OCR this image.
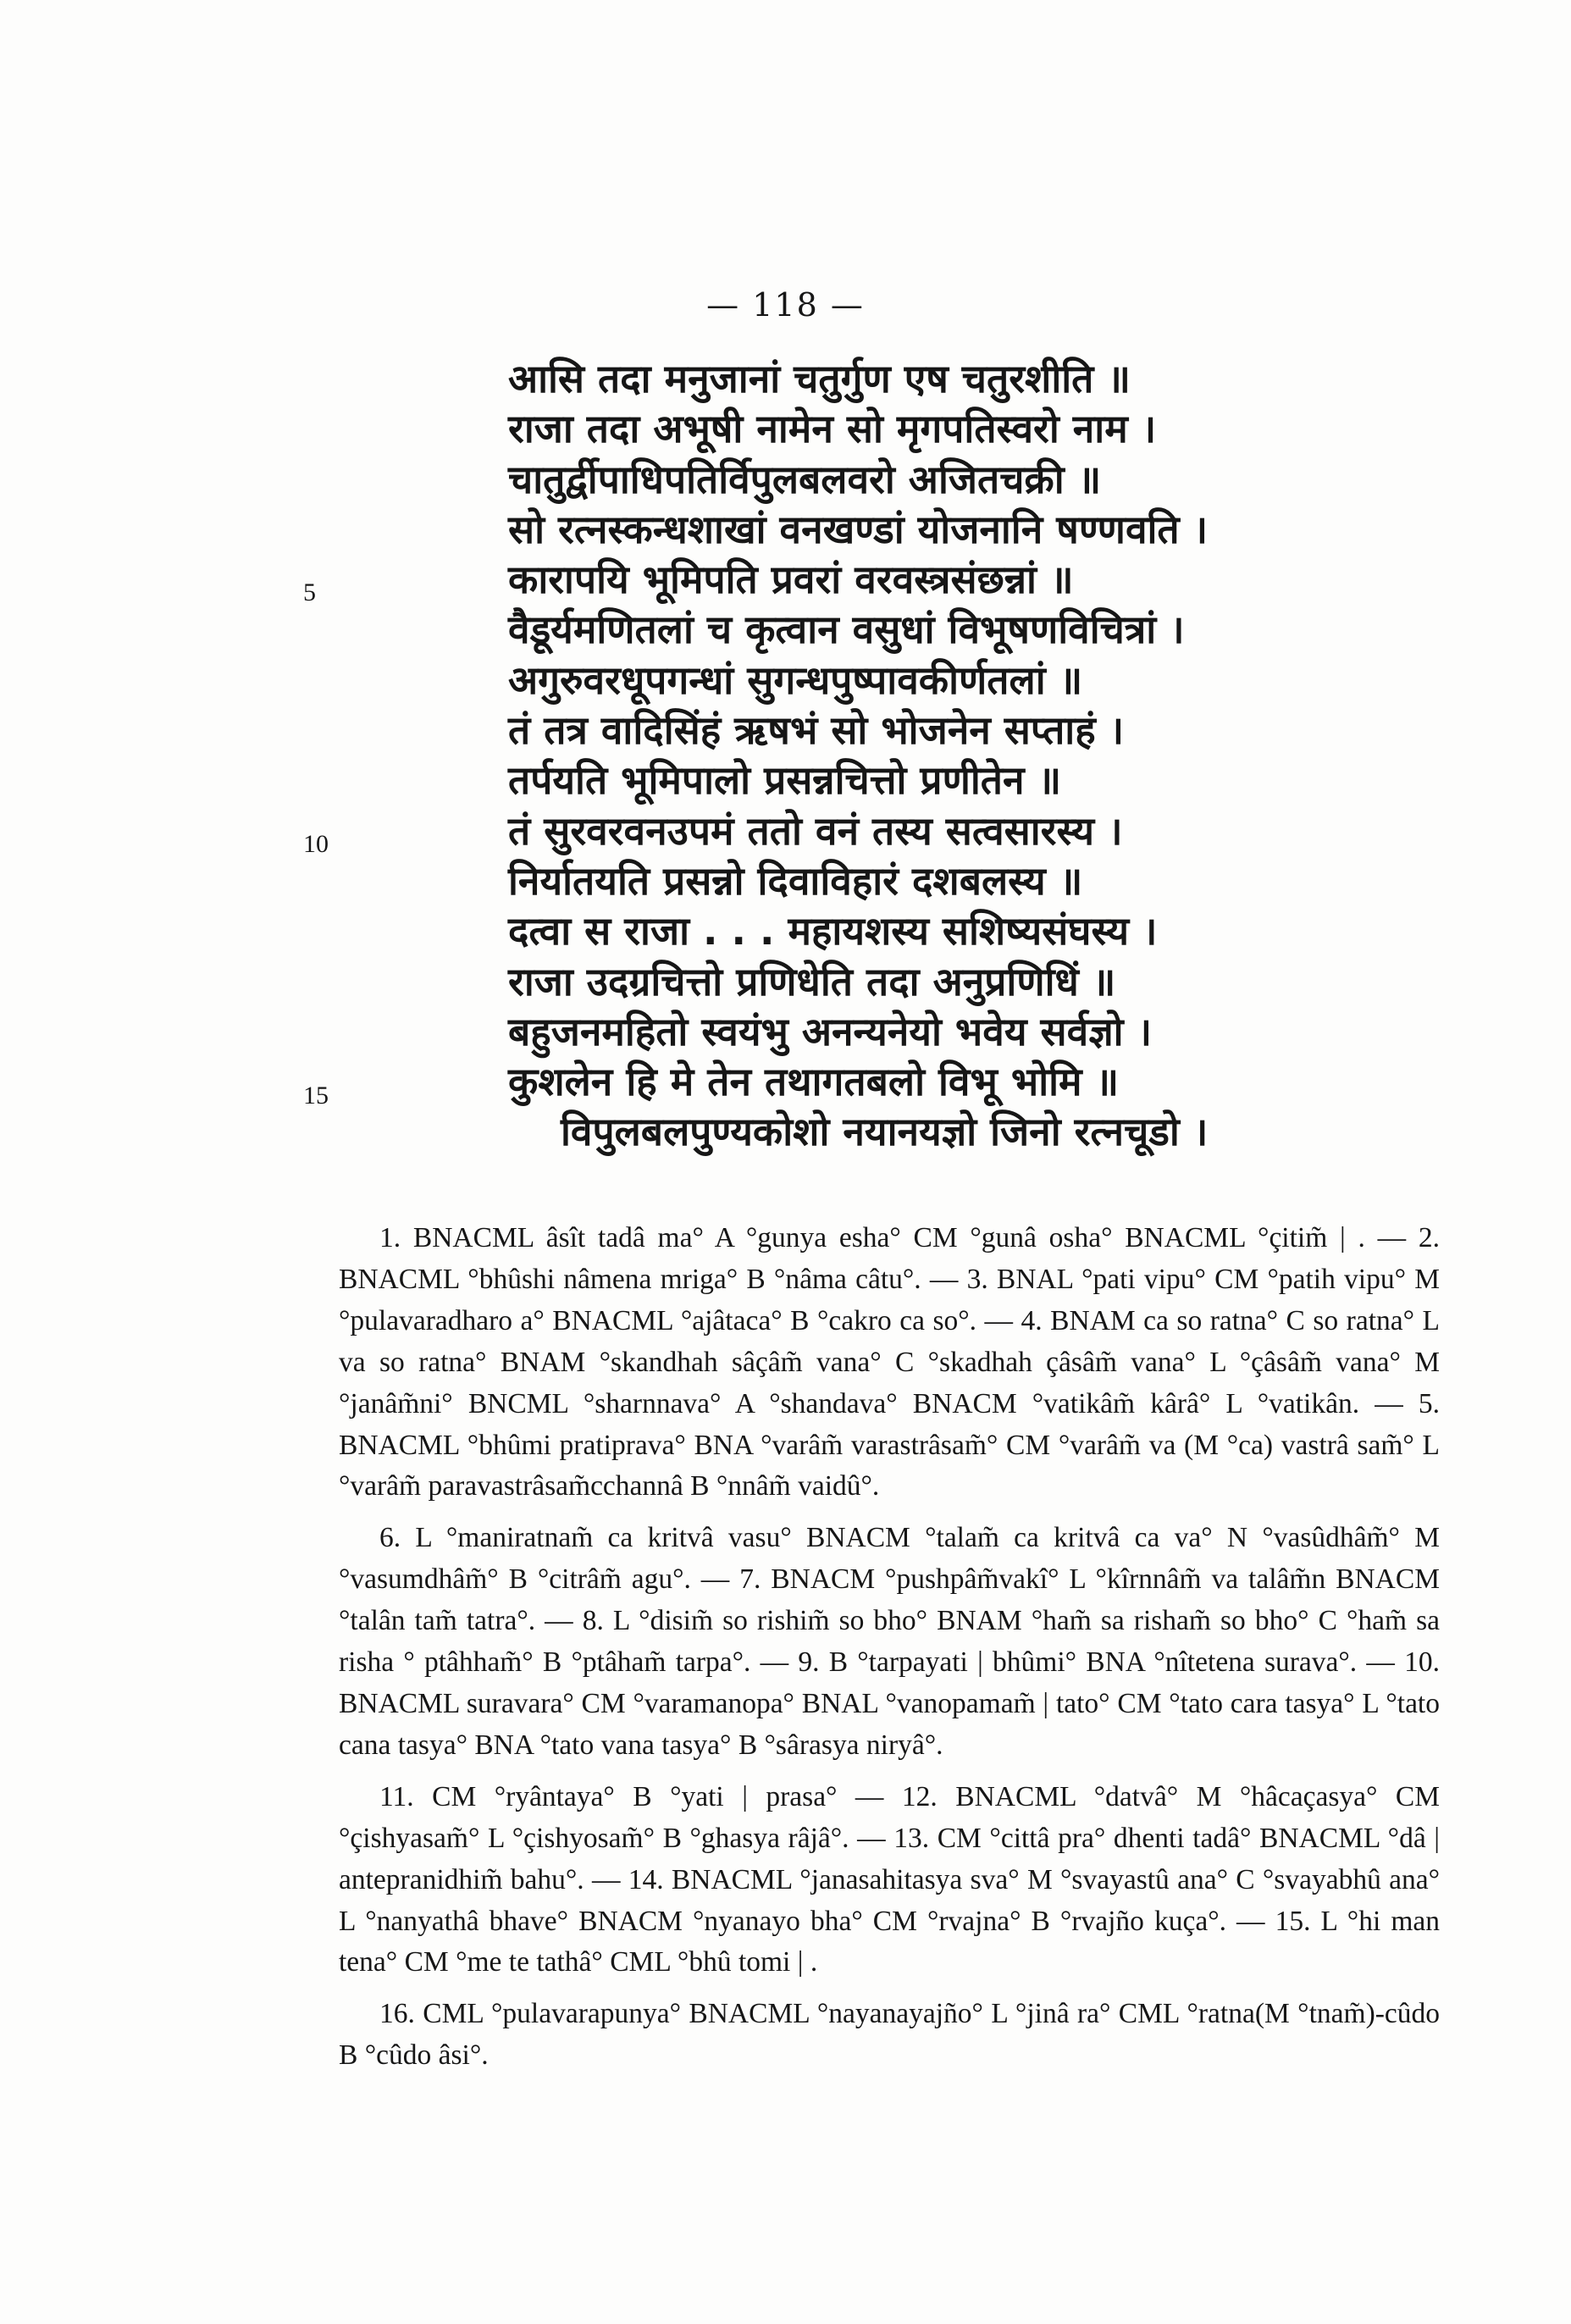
— 118 —
5
10
15
आसि तदा मनुजानां चतुर्गुण एष चतुरशीति ॥
राजा तदा अभूषी नामेन सो मृगपतिस्वरो नाम ।
चातुर्द्वीपाधिपतिर्विपुलबलवरो अजितचक्री ॥
सो रत्नस्कन्धशाखां वनखण्डां योजनानि षण्णवति ।
कारापयि भूमिपति प्रवरां वरवस्त्रसंछन्नां ॥
वैडूर्यमणितलां च कृत्वान वसुधां विभूषणविचित्रां ।
अगुरुवरधूपगन्धां सुगन्धपुष्पावकीर्णतलां ॥
तं तत्र वादिसिंहं ऋषभं सो भोजनेन सप्ताहं ।
तर्पयति भूमिपालो प्रसन्नचित्तो प्रणीतेन ॥
तं सुरवरवनउपमं ततो वनं तस्य सत्वसारस्य ।
निर्यातयति प्रसन्नो दिवाविहारं दशबलस्य ॥
दत्वा स राजा . . . महायशस्य सशिष्यसंघस्य ।
राजा उदग्रचित्तो प्रणिधेति तदा अनुप्रणिधिं ॥
बहुजनमहितो स्वयंभु अनन्यनेयो भवेय सर्वज्ञो ।
कुशलेन हि मे तेन तथागतबलो विभू भोमि ॥
विपुलबलपुण्यकोशो नयानयज्ञो जिनो रत्नचूडो ।

1. BNACML âsît tadâ ma° A °gunya esha° CM °gunâ osha° BNACML °çitim̃ | . — 2. BNACML °bhûshi nâmena mriga° B °nâma câtu°. — 3. BNAL °pati vipu° CM °patih vipu° M °pulavaradharo a° BNACML °ajâtaca° B °cakro ca so°. — 4. BNAM ca so ratna° C so ratna° L va so ratna° BNAM °skandhah sâçâm̃ vana° C °skadhah çâsâm̃ vana° L °çâsâm̃ vana° M °janâm̃ni° BNCML °sharnnava° A °shandava° BNACM °vatikâm̃ kârâ° L °vatikân. — 5. BNACML °bhûmi pratiprava° BNA °varâm̃ varastrâsam̃° CM °varâm̃ va (M °ca) vastrâ sam̃° L °varâm̃ paravastrâsam̃cchannâ B °nnâm̃ vaidû°.

6. L °maniratnam̃ ca kritvâ vasu° BNACM °talam̃ ca kritvâ ca va° N °vasûdhâm̃° M °vasumdhâm̃° B °citrâm̃ agu°. — 7. BNACM °pushpâm̃vakî° L °kîrnnâm̃ va talâm̃n BNACM °talân tam̃ tatra°. — 8. L °disim̃ so rishim̃ so bho° BNAM °ham̃ sa risham̃ so bho° C °ham̃ sa risha ° ptâhham̃° B °ptâham̃ tarpa°. — 9. B °tarpayati | bhûmi° BNA °nîtetena surava°. — 10. BNACML suravara° CM °varamanopa° BNAL °vanopamam̃ | tato° CM °tato cara tasya° L °tato cana tasya° BNA °tato vana tasya° B °sârasya niryâ°.

11. CM °ryântaya° B °yati | prasa° — 12. BNACML °datvâ° M °hâcaçasya° CM °çishyasam̃° L °çishyosam̃° B °ghasya râjâ°. — 13. CM °cittâ pra° dhenti tadâ° BNACML °dâ | antepranidhim̃ bahu°. — 14. BNACML °janasahitasya sva° M °svayastû ana° C °svayabhû ana° L °nanyathâ bhave° BNACM °nyanayo bha° CM °rvajna° B °rvajño kuça°. — 15. L °hi man tena° CM °me te tathâ° CML °bhû tomi | .

16. CML °pulavarapunya° BNACML °nayanayajño° L °jinâ ra° CML °ratna(M °tnam̃)-cûdo B °cûdo âsi°.
